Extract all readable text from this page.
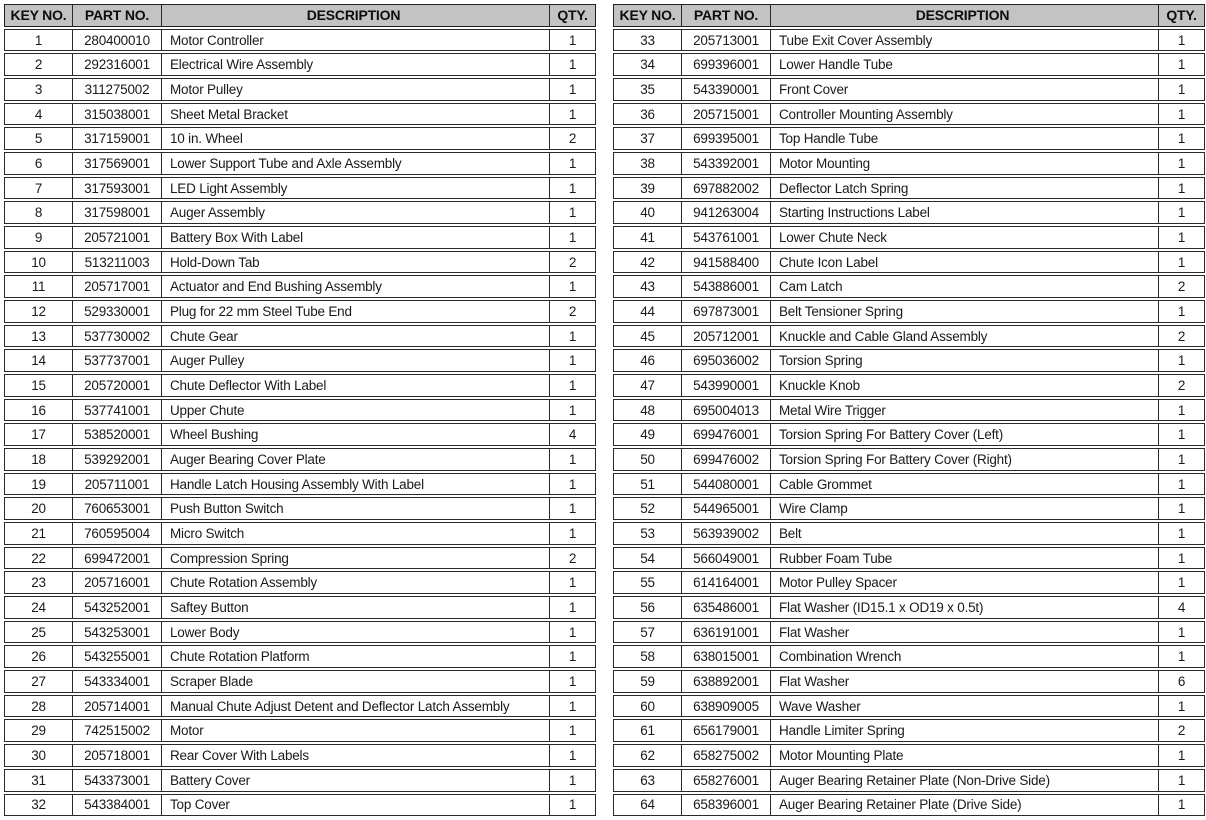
KEY NO.	PART NO.	DESCRIPTION	QTY.
1	280400010	Motor Controller	1
2	292316001	Electrical Wire Assembly	1
3	311275002	Motor Pulley	1
4	315038001	Sheet Metal Bracket	1
5	317159001	10 in. Wheel	2
6	317569001	Lower Support Tube and Axle Assembly	1
7	317593001	LED Light Assembly	1
8	317598001	Auger Assembly	1
9	205721001	Battery Box With Label	1
10	513211003	Hold-Down Tab	2
11	205717001	Actuator and End Bushing Assembly	1
12	529330001	Plug for 22 mm Steel Tube End	2
13	537730002	Chute Gear	1
14	537737001	Auger Pulley	1
15	205720001	Chute Deflector With Label	1
16	537741001	Upper Chute	1
17	538520001	Wheel Bushing	4
18	539292001	Auger Bearing Cover Plate	1
19	205711001	Handle Latch Housing Assembly With Label	1
20	760653001	Push Button Switch	1
21	760595004	Micro Switch	1
22	699472001	Compression Spring	2
23	205716001	Chute Rotation Assembly	1
24	543252001	Saftey Button	1
25	543253001	Lower Body	1
26	543255001	Chute Rotation Platform	1
27	543334001	Scraper Blade	1
28	205714001	Manual Chute Adjust Detent and Deflector Latch Assembly	1
29	742515002	Motor	1
30	205718001	Rear Cover With Labels	1
31	543373001	Battery Cover	1
32	543384001	Top Cover	1
KEY NO.	PART NO.	DESCRIPTION	QTY.
33	205713001	Tube Exit Cover Assembly	1
34	699396001	Lower Handle Tube	1
35	543390001	Front Cover	1
36	205715001	Controller Mounting Assembly	1
37	699395001	Top Handle Tube	1
38	543392001	Motor Mounting	1
39	697882002	Deflector Latch Spring	1
40	941263004	Starting Instructions Label	1
41	543761001	Lower Chute Neck	1
42	941588400	Chute Icon Label	1
43	543886001	Cam Latch	2
44	697873001	Belt Tensioner Spring	1
45	205712001	Knuckle and Cable Gland Assembly	2
46	695036002	Torsion Spring	1
47	543990001	Knuckle Knob	2
48	695004013	Metal Wire Trigger	1
49	699476001	Torsion Spring For Battery Cover (Left)	1
50	699476002	Torsion Spring For Battery Cover (Right)	1
51	544080001	Cable Grommet	1
52	544965001	Wire Clamp	1
53	563939002	Belt	1
54	566049001	Rubber Foam Tube	1
55	614164001	Motor Pulley Spacer	1
56	635486001	Flat Washer (ID15.1 x OD19 x 0.5t)	4
57	636191001	Flat Washer	1
58	638015001	Combination Wrench	1
59	638892001	Flat Washer	6
60	638909005	Wave Washer	1
61	656179001	Handle Limiter Spring	2
62	658275002	Motor Mounting Plate	1
63	658276001	Auger Bearing Retainer Plate (Non-Drive Side)	1
64	658396001	Auger Bearing Retainer Plate (Drive Side)	1
